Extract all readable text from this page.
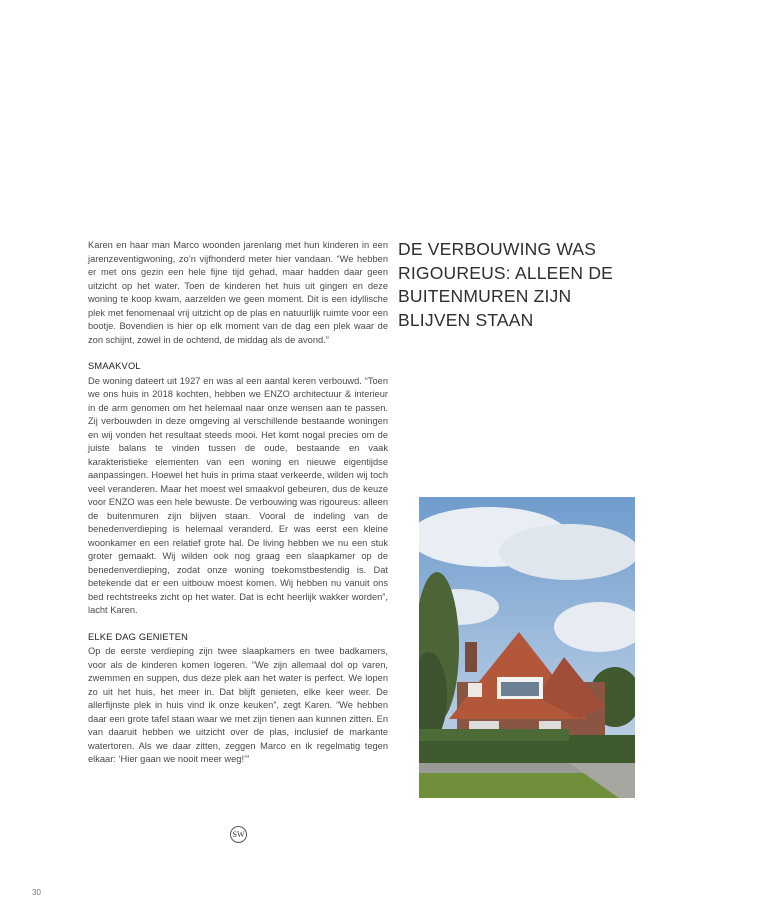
Karen en haar man Marco woonden jarenlang met hun kinderen in een jarenzeventigwoning, zo’n vijfhonderd meter hier vandaan. “We hebben er met ons gezin een hele fijne tijd gehad, maar hadden daar geen uitzicht op het water. Toen de kinderen het huis uit gingen en deze woning te koop kwam, aarzelden we geen moment. Dit is een idyllische plek met fenomenaal vrij uitzicht op de plas en natuurlijk ruimte voor een bootje. Bovendien is hier op elk moment van de dag een plek waar de zon schijnt, zowel in de ochtend, de middag als de avond.”

SMAAKVOL

De woning dateert uit 1927 en was al een aantal keren verbouwd. “Toen we ons huis in 2018 kochten, hebben we ENZO architectuur & interieur in de arm genomen om het helemaal naar onze wensen aan te passen. Zij verbouwden in deze omgeving al verschillende bestaande woningen en wij vonden het resultaat steeds mooi. Het komt nogal precies om de juiste balans te vinden tussen de oude, bestaande en vaak karakteristieke elementen van een woning en nieuwe eigentijdse aanpassingen. Hoewel het huis in prima staat verkeerde, wilden wij toch veel veranderen. Maar het moest wel smaakvol gebeuren, dus de keuze voor ENZO was een hele bewuste. De verbouwing was rigoureus: alleen de buitenmuren zijn blijven staan. Vooral de indeling van de benedenverdieping is helemaal veranderd. Er was eerst een kleine woonkamer en een relatief grote hal. De living hebben we nu een stuk groter gemaakt. Wij wilden ook nog graag een slaapkamer op de benedenverdieping, zodat onze woning toekomstbestendig is. Dat betekende dat er een uitbouw moest komen. Wij hebben nu vanuit ons bed rechtstreeks zicht op het water. Dat is echt heerlijk wakker worden”, lacht Karen.

ELKE DAG GENIETEN

Op de eerste verdieping zijn twee slaapkamers en twee badkamers, voor als de kinderen komen logeren. “We zijn allemaal dol op varen, zwemmen en suppen, dus deze plek aan het water is perfect. We lopen zo uit het huis, het meer in. Dat blijft genieten, elke keer weer. De allerfijnste plek in huis vind ik onze keuken”, zegt Karen. “We hebben daar een grote tafel staan waar we met zijn tienen aan kunnen zitten. En van daaruit hebben we uitzicht over de plas, inclusief de markante watertoren. Als we daar zitten, zeggen Marco en ik regelmatig tegen elkaar: ‘Hier gaan we nooit meer weg!’”

DE VERBOUWING WAS RIGOUREUS: ALLEEN DE BUITENMUREN ZIJN BLIJVEN STAAN
SW
30
